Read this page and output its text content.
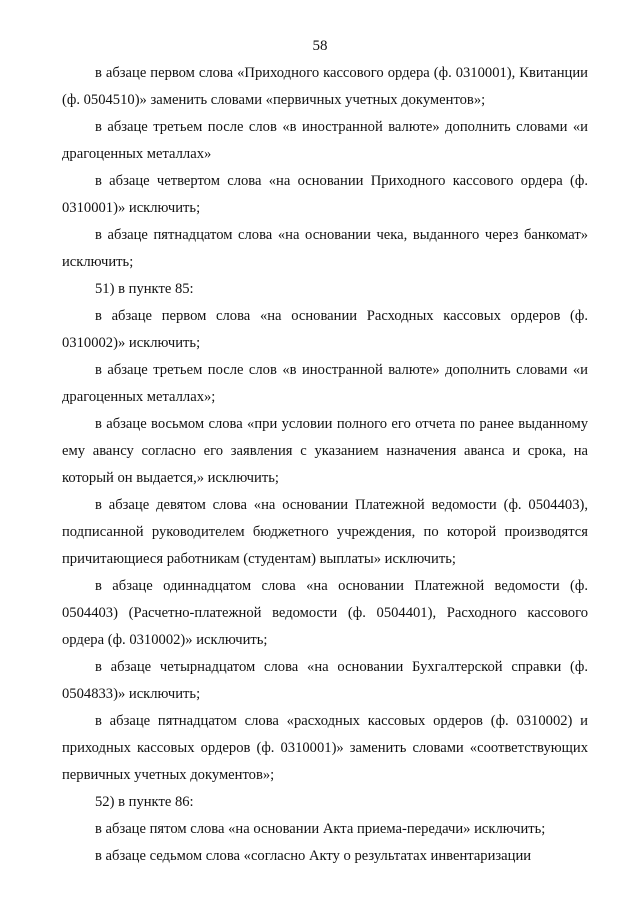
58

в абзаце первом слова «Приходного кассового ордера (ф. 0310001), Квитанции (ф. 0504510)» заменить словами «первичных учетных документов»;

в абзаце третьем после слов «в иностранной валюте» дополнить словами «и драгоценных металлах»

в абзаце четвертом слова «на основании Приходного кассового ордера (ф. 0310001)» исключить;

в абзаце пятнадцатом слова «на основании чека, выданного через банкомат» исключить;

51) в пункте 85:

в абзаце первом слова «на основании Расходных кассовых ордеров (ф. 0310002)» исключить;

в абзаце третьем после слов «в иностранной валюте» дополнить словами «и драгоценных металлах»;

в абзаце восьмом слова «при условии полного его отчета по ранее выданному ему авансу согласно его заявления с указанием назначения аванса и срока, на который он выдается,» исключить;

в абзаце девятом слова «на основании Платежной ведомости (ф. 0504403), подписанной руководителем бюджетного учреждения, по которой производятся причитающиеся работникам (студентам) выплаты» исключить;

в абзаце одиннадцатом слова «на основании Платежной ведомости (ф. 0504403) (Расчетно-платежной ведомости (ф. 0504401), Расходного кассового ордера (ф. 0310002)» исключить;

в абзаце четырнадцатом слова «на основании Бухгалтерской справки (ф. 0504833)» исключить;

в абзаце пятнадцатом слова «расходных кассовых ордеров (ф. 0310002) и приходных кассовых ордеров (ф. 0310001)» заменить словами «соответствующих первичных учетных документов»;

52) в пункте 86:

в абзаце пятом слова «на основании Акта приема-передачи» исключить;

в абзаце седьмом слова «согласно Акту о результатах инвентаризации
